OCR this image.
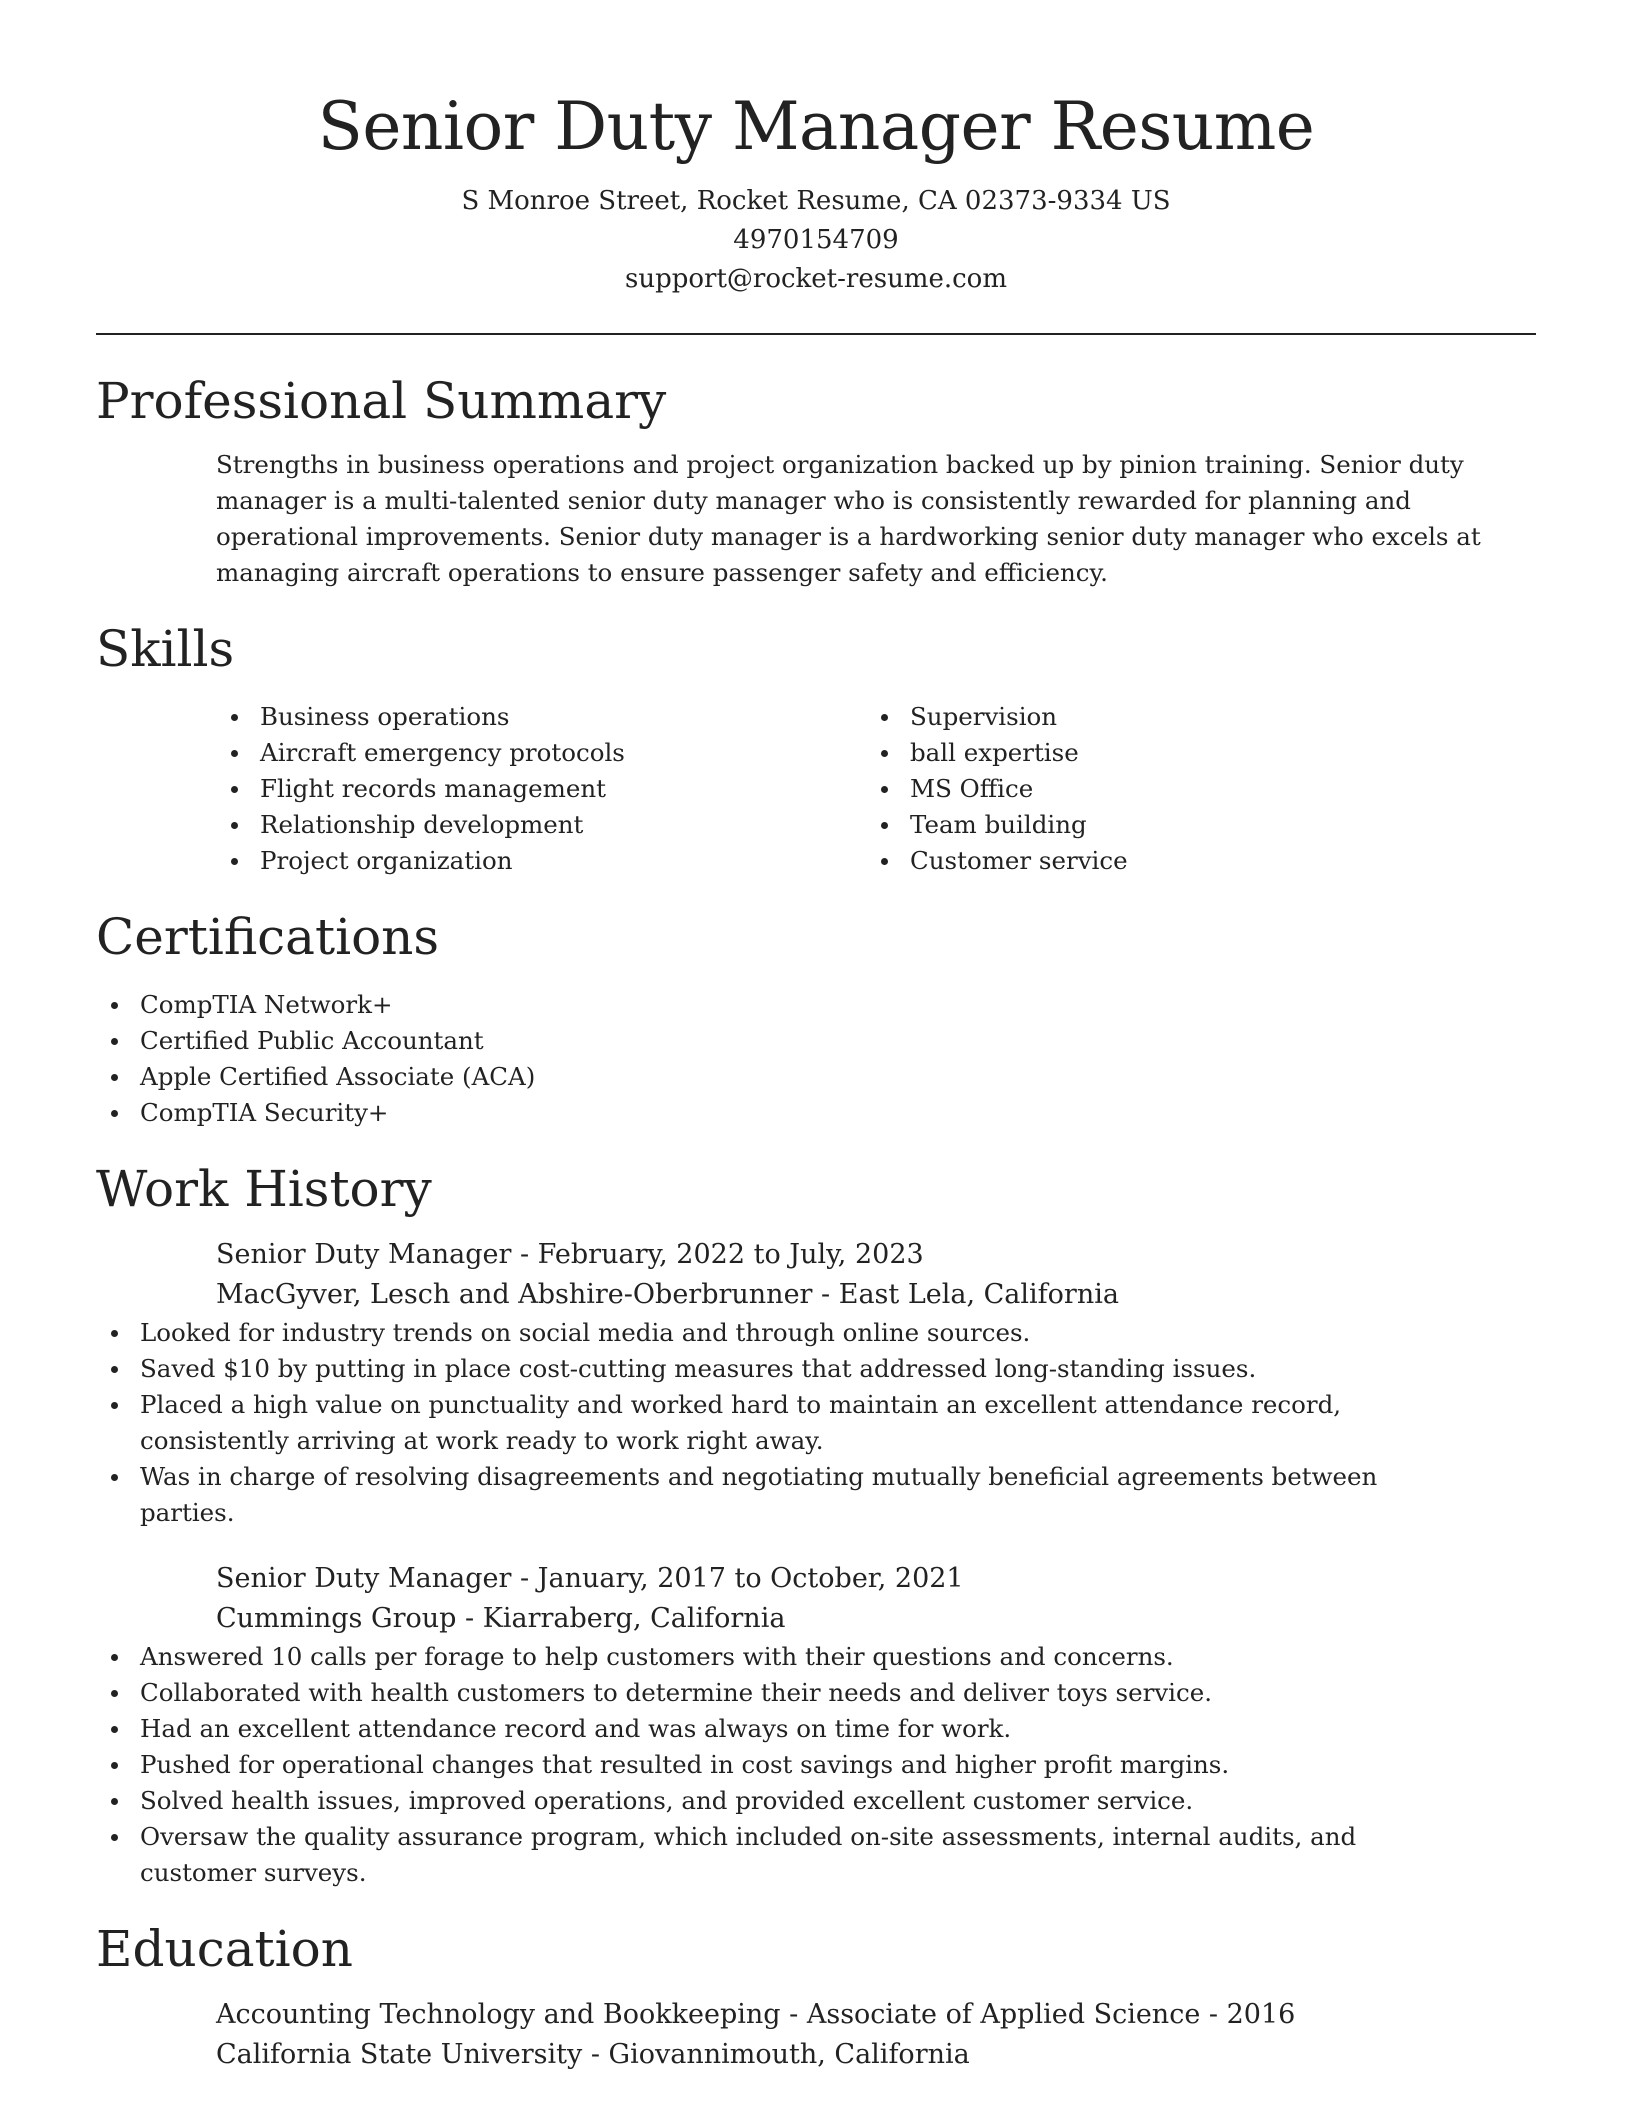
Senior Duty Manager Resume
S Monroe Street, Rocket Resume, CA 02373-9334 US
4970154709
support@rocket-resume.com
Professional Summary

Strengths in business operations and project organization backed up by pinion training. Senior duty manager is a multi-talented senior duty manager who is consistently rewarded for planning and operational improvements. Senior duty manager is a hardworking senior duty manager who excels at managing aircraft operations to ensure passenger safety and efficiency.

Skills
Business operations
Aircraft emergency protocols
Flight records management
Relationship development
Project organization
Supervision
ball expertise
MS Office
Team building
Customer service
Certifications
CompTIA Network+
Certified Public Accountant
Apple Certified Associate (ACA)
CompTIA Security+
Work History
Senior Duty Manager - February, 2022 to July, 2023
MacGyver, Lesch and Abshire-Oberbrunner - East Lela, California
Looked for industry trends on social media and through online sources.
Saved $10 by putting in place cost-cutting measures that addressed long-standing issues.
Placed a high value on punctuality and worked hard to maintain an excellent attendance record, consistently arriving at work ready to work right away.
Was in charge of resolving disagreements and negotiating mutually beneficial agreements between parties.
Senior Duty Manager - January, 2017 to October, 2021
Cummings Group - Kiarraberg, California
Answered 10 calls per forage to help customers with their questions and concerns.
Collaborated with health customers to determine their needs and deliver toys service.
Had an excellent attendance record and was always on time for work.
Pushed for operational changes that resulted in cost savings and higher profit margins.
Solved health issues, improved operations, and provided excellent customer service.
Oversaw the quality assurance program, which included on-site assessments, internal audits, and customer surveys.
Education
Accounting Technology and Bookkeeping - Associate of Applied Science - 2016
California State University - Giovannimouth, California
